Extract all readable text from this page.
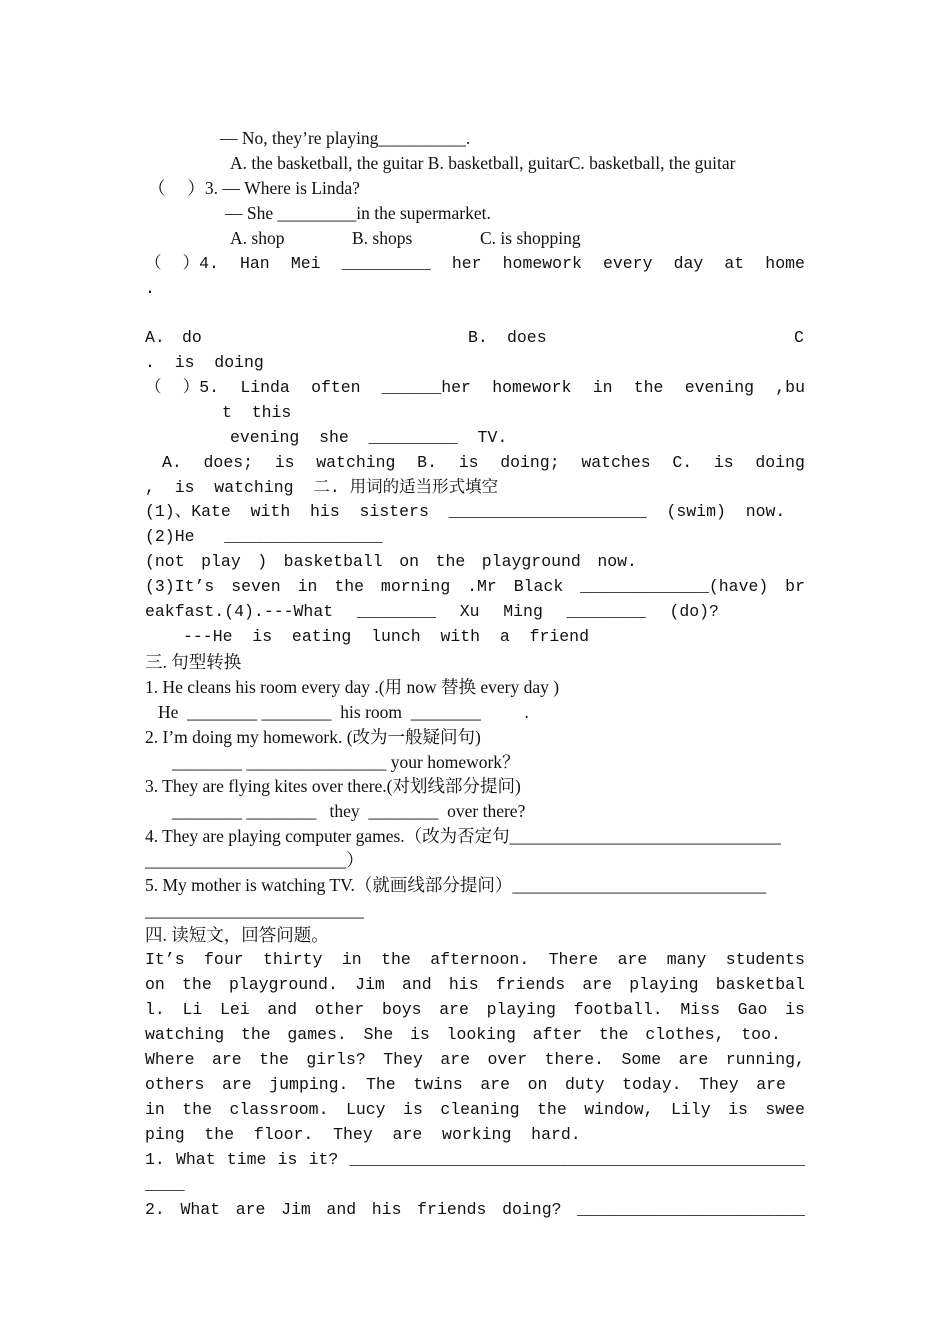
— No, they’re playing__________.
A. the basketball, the guitar B. basketball, guitarC. basketball, the guitar
（　 ）3. — Where is Linda?
— She _________in the supermarket.
A. shop	B. shops	C. is shopping
（ ）4. Han Mei _________ her homework every day at home
.
A. do	B. does	C
.  is  doing
（ ）5. Linda often ______her homework in the evening ,bu
t  this
evening  she  _________  TV.
A. does; is watching B. is doing; watches C. is doing
,  is  watching  二. 用词的适当形式填空
(1)、Kate  with  his  sisters  ____________________  (swim)  now.
(2)He   ________________
(not play ) basketball on the playground now.
(3)It’s seven in the morning .Mr Black _____________(have) br
eakfast.(4).---What ________ Xu Ming ________ (do)?
---He  is  eating  lunch  with  a  friend
三. 句型转换
1. He cleans his room every day .(用 now 替换 every day )
He  ________ ________  his room  ________          .
2. I’m doing my homework. (改为一般疑问句)
________ ________________ your homework？
3. They are flying kites over there.(对划线部分提问)
________ ________   they  ________  over there?
4. They are playing computer games.（改为否定句_______________________________
_______________________）
5. My mother is watching TV.（就画线部分提问）_____________________________
_________________________
四. 读短文，回答问题。
It’s four thirty in the afternoon. There are many students
on the playground. Jim and his friends are playing basketbal
l. Li Lei and other boys are playing football. Miss Gao is
watching the games. She is looking after the clothes, too.
Where are the girls? They are over there. Some are running,
others are jumping. The twins are on duty today. They are
in the classroom. Lucy is cleaning the window, Lily is swee
ping  the  floor.  They  are  working  hard.
1. What time is it? ______________________________________________
____
2. What are Jim and his friends doing? _______________________
